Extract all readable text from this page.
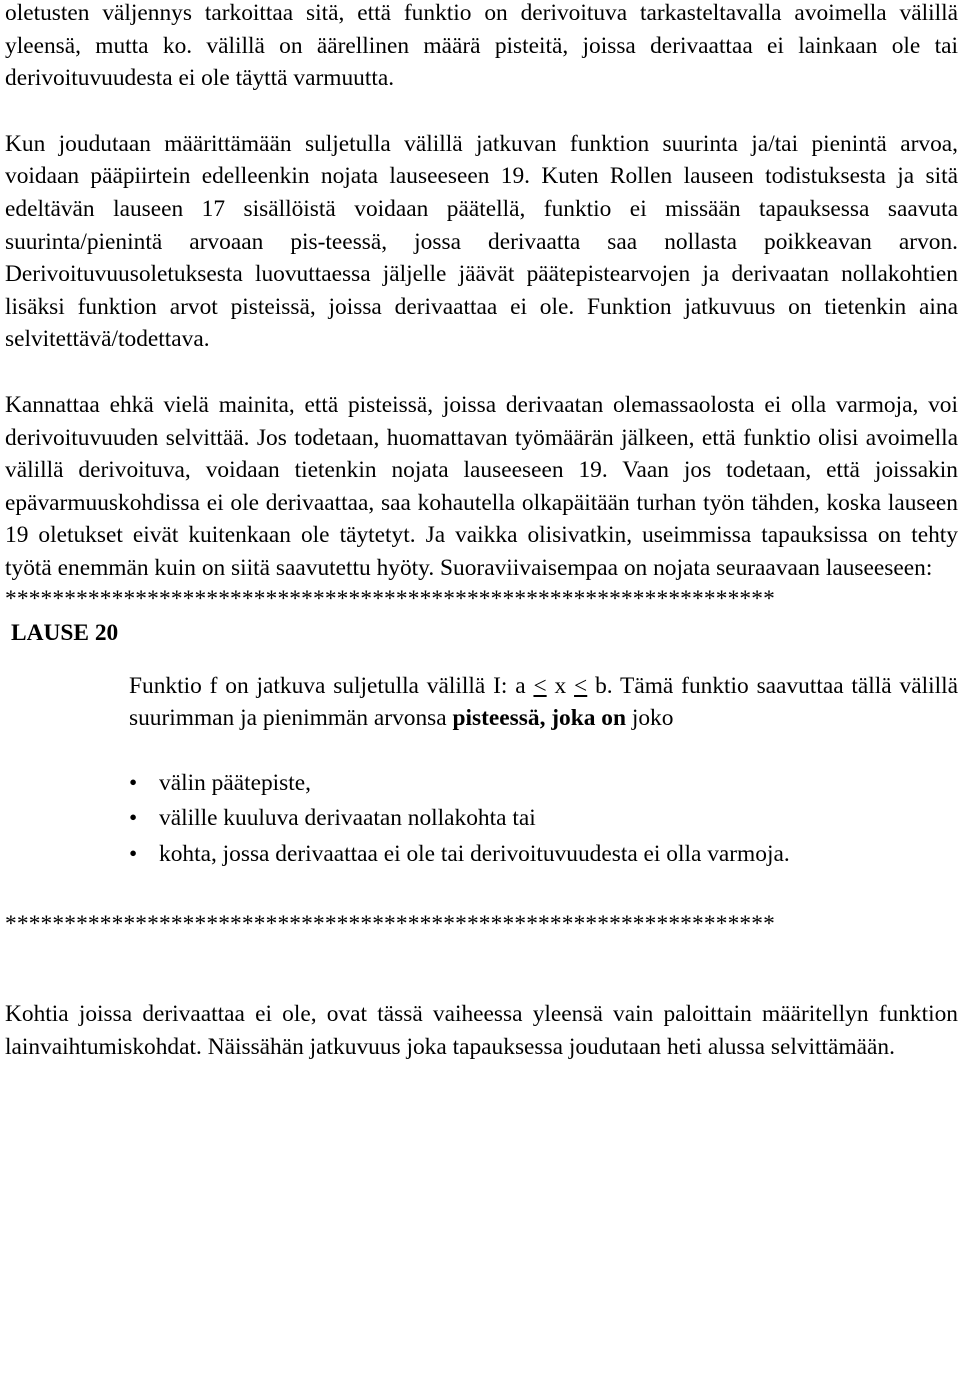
oletusten väljennys tarkoittaa sitä, että funktio on derivoituva tarkasteltavalla avoimella välillä yleensä, mutta ko. välillä on äärellinen määrä pisteitä, joissa derivaattaa ei lainkaan ole tai derivoituvuudesta ei ole täyttä varmuutta.

Kun joudutaan määrittämään suljetulla välillä jatkuvan funktion suurinta ja/tai pienintä arvoa, voidaan pääpiirtein edelleenkin nojata lauseeseen 19. Kuten Rollen lauseen todistuksesta ja sitä edeltävän lauseen 17 sisällöistä voidaan päätellä, funktio ei missään tapauksessa saavuta suurinta/pienintä arvoaan pis-teessä, jossa derivaatta saa nollasta poikkeavan arvon. Derivoituvuusoletuksesta luovuttaessa jäljelle jäävät päätepistearvojen ja derivaatan nollakohtien lisäksi funktion arvot pisteissä, joissa derivaattaa ei ole. Funktion jatkuvuus on tietenkin aina selvitettävä/todettava.

Kannattaa ehkä vielä mainita, että pisteissä, joissa derivaatan olemassaolosta ei olla varmoja, voi derivoituvuuden selvittää. Jos todetaan, huomattavan työmäärän jälkeen, että funktio olisi avoimella välillä derivoituva, voidaan tietenkin nojata lauseeseen 19. Vaan jos todetaan, että joissakin epävarmuuskohdissa ei ole derivaattaa, saa kohautella olkapäitään turhan työn tähden, koska lauseen 19 oletukset eivät kuitenkaan ole täytetyt. Ja vaikka olisivatkin, useimmissa tapauksissa on tehty työtä enemmän kuin on siitä saavutettu hyöty. Suoraviivaisempaa on nojata seuraavaan lauseeseen:

*****************************************************************
LAUSE 20

Funktio f on jatkuva suljetulla välillä I: a ≤ x ≤ b. Tämä funktio saavuttaa tällä välillä suurimman ja pienimmän arvonsa pisteessä, joka on joko

• välin päätepiste,
• välille kuuluva derivaatan nollakohta tai
• kohta, jossa derivaattaa ei ole tai derivoituvuudesta ei olla varmoja.
*****************************************************************

Kohtia joissa derivaattaa ei ole, ovat tässä vaiheessa yleensä vain paloittain määritellyn funktion lainvaihtumiskohdat. Näissähän jatkuvuus joka tapauksessa joudutaan heti alussa selvittämään.
